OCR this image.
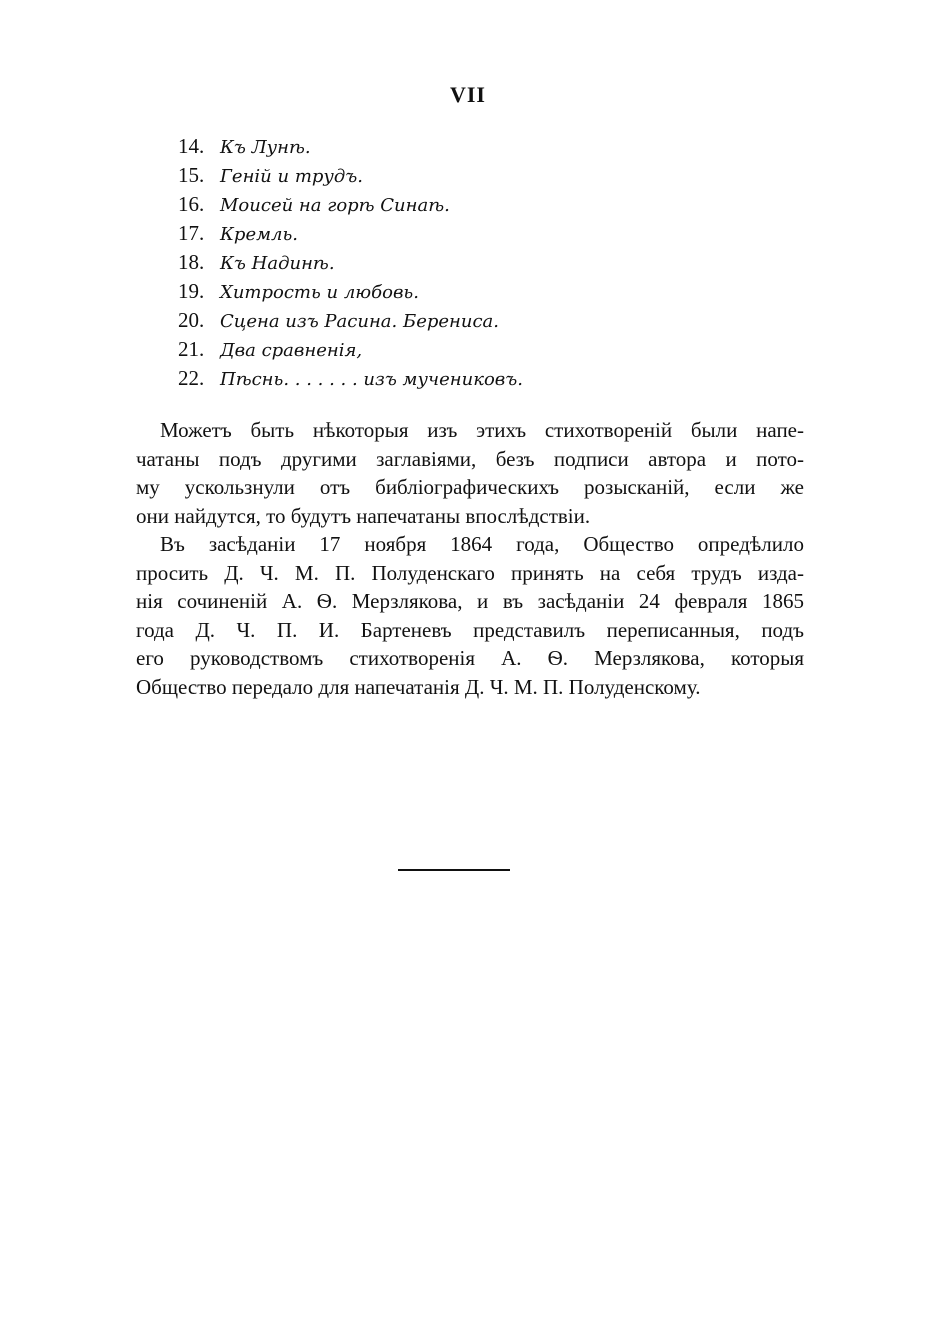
VII
14. Къ Лунѣ.
15. Генiй и трудъ.
16. Моисей на горѣ Синаѣ.
17. Кремль.
18. Къ Надинѣ.
19. Хитрость и любовь.
20. Сцена изъ Расина. Берениса.
21. Два сравненiя,
22. Пѣснь. . . . . . . изъ мучениковъ.
Можетъ быть нѣкоторыя изъ этихъ стихотворенiй были напе-
чатаны подъ другими заглавiями, безъ подписи автора и пото-
му ускользнули отъ библiографическихъ розысканiй, если же
они найдутся, то будутъ напечатаны впослѣдствiи.
Въ засѣданiи 17 ноября 1864 года, Общество опредѣлило
просить Д. Ч. М. П. Полуденскаго принять на себя трудъ изда-
нiя сочиненiй А. Ѳ. Мерзлякова, и въ засѣданiи 24 февраля 1865
года Д. Ч. П. И. Бартеневъ представилъ переписанныя, подъ
его руководствомъ стихотворенiя А. Ѳ. Мерзлякова, которыя
Общество передало для напечатанiя Д. Ч. М. П. Полуденскому.
